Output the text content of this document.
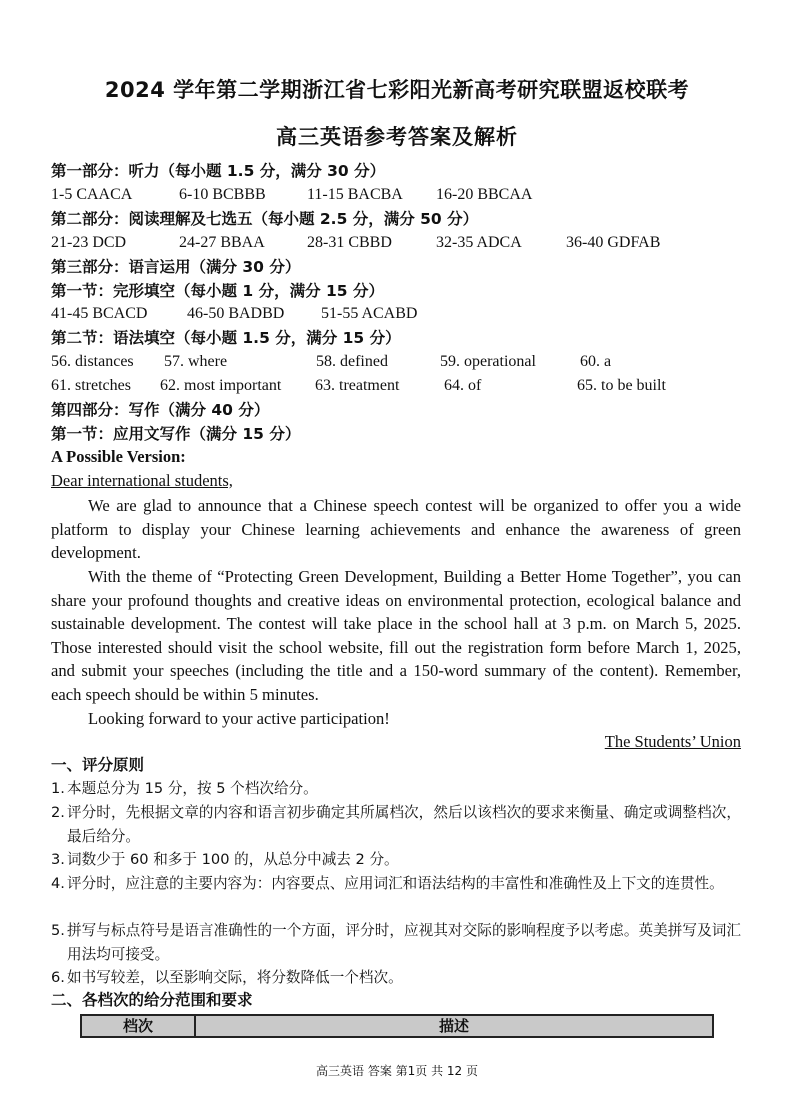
2024 学年第二学期浙江省七彩阳光新高考研究联盟返校联考
高三英语参考答案及解析
第一部分：听力（每小题 1.5 分，满分 30 分）
1-5 CAACA	6-10 BCBBB	11-15 BACBA 16-20 BBCAA
第二部分：阅读理解及七选五（每小题 2.5 分，满分 50 分）
21-23 DCD	24-27 BBAA	28-31 CBBD	32-35 ADCA	36-40 GDFAB
第三部分：语言运用（满分 30 分）
第一节：完形填空（每小题 1 分，满分 15 分）
41-45 BCACD 46-50 BADBD 51-55 ACABD
第二节：语法填空（每小题 1.5 分，满分 15 分）
56. distances 57. where	58. defined	59. operational	60. a
61. stretches 62. most important 63. treatment	64. of	65. to be built
第四部分：写作（满分 40 分）
第一节：应用文写作（满分 15 分）
A Possible Version:
Dear international students,

We are glad to announce that a Chinese speech contest will be organized to offer you a wide platform to display your Chinese learning achievements and enhance the awareness of green development.

With the theme of “Protecting Green Development, Building a Better Home Together”, you can share your profound thoughts and creative ideas on environmental protection, ecological balance and sustainable development. The contest will take place in the school hall at 3 p.m. on March 5, 2025. Those interested should visit the school website, fill out the registration form before March 1, 2025, and submit your speeches (including the title and a 150-word summary of the content). Remember, each speech should be within 5 minutes.

Looking forward to your active participation!

The Students’ Union
一、评分原则
1. 本题总分为 15 分，按 5 个档次给分。
2. 评分时，先根据文章的内容和语言初步确定其所属档次，然后以该档次的要求来衡量、确定或调整档次，最后给分。
3. 词数少于 60 和多于 100 的，从总分中减去 2 分。
4. 评分时，应注意的主要内容为：内容要点、应用词汇和语法结构的丰富性和准确性及上下文的连贯性。
5. 拼写与标点符号是语言准确性的一个方面，评分时，应视其对交际的影响程度予以考虑。英美拼写及词汇用法均可接受。
6. 如书写较差，以至影响交际，将分数降低一个档次。
二、各档次的给分范围和要求
档次	描述
高三英语 答案 第1页 共 12 页
